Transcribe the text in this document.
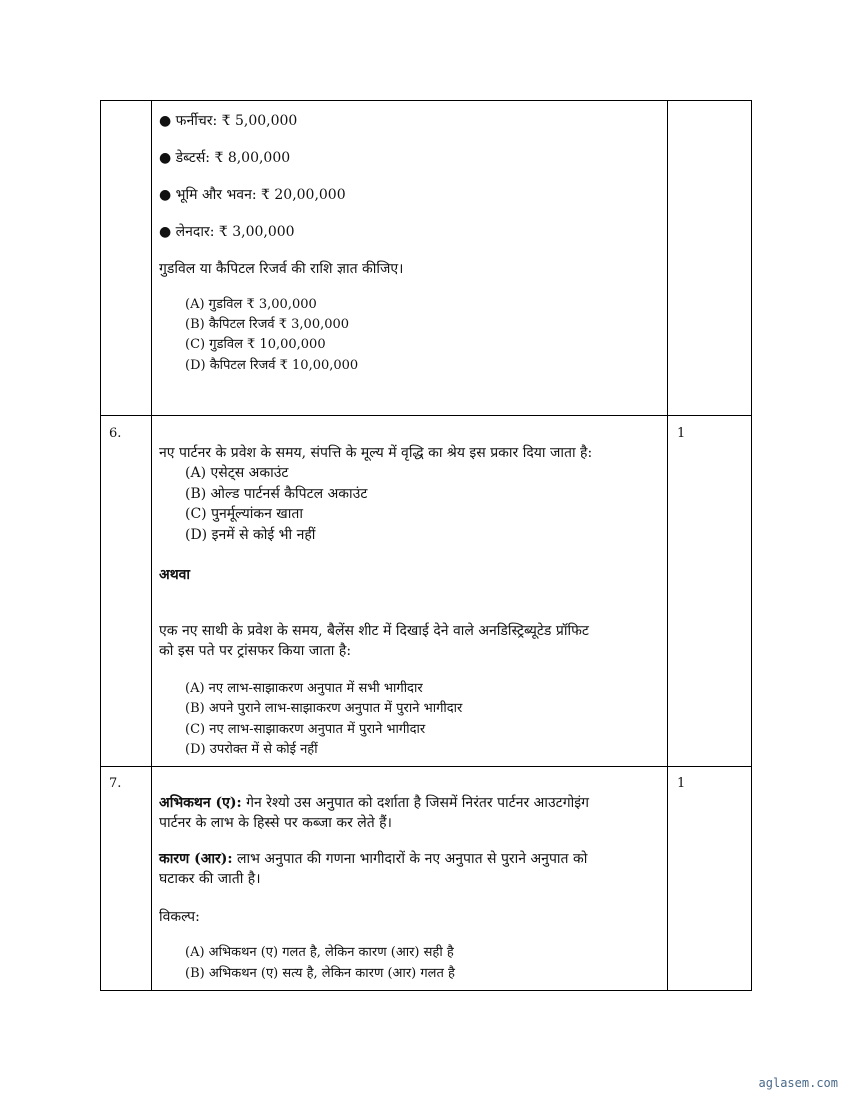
● फर्नीचर: ₹ 5,00,000
● डेब्टर्स: ₹ 8,00,000
● भूमि और भवन: ₹ 20,00,000
● लेनदार: ₹ 3,00,000
गुडविल या कैपिटल रिजर्व की राशि ज्ञात कीजिए।
(A) गुडविल ₹ 3,00,000
(B) कैपिटल रिजर्व ₹ 3,00,000
(C) गुडविल ₹ 10,00,000
(D) कैपिटल रिजर्व ₹ 10,00,000
6.	1
नए पार्टनर के प्रवेश के समय, संपत्ति के मूल्य में वृद्धि का श्रेय इस प्रकार दिया जाता है:
(A) एसेट्स अकाउंट
(B) ओल्ड पार्टनर्स कैपिटल अकाउंट
(C) पुनर्मूल्यांकन खाता
(D) इनमें से कोई भी नहीं
अथवा
एक नए साथी के प्रवेश के समय, बैलेंस शीट में दिखाई देने वाले अनडिस्ट्रिब्यूटेड प्रॉफिट
को इस पते पर ट्रांसफर किया जाता है:
(A) नए लाभ-साझाकरण अनुपात में सभी भागीदार
(B) अपने पुराने लाभ-साझाकरण अनुपात में पुराने भागीदार
(C) नए लाभ-साझाकरण अनुपात में पुराने भागीदार
(D) उपरोक्त में से कोई नहीं
7.	1
अभिकथन (ए): गेन रेश्यो उस अनुपात को दर्शाता है जिसमें निरंतर पार्टनर आउटगोइंग
पार्टनर के लाभ के हिस्से पर कब्जा कर लेते हैं।
कारण (आर): लाभ अनुपात की गणना भागीदारों के नए अनुपात से पुराने अनुपात को
घटाकर की जाती है।
विकल्प:
(A) अभिकथन (ए) गलत है, लेकिन कारण (आर) सही है
(B) अभिकथन (ए) सत्य है, लेकिन कारण (आर) गलत है
aglasem.com
